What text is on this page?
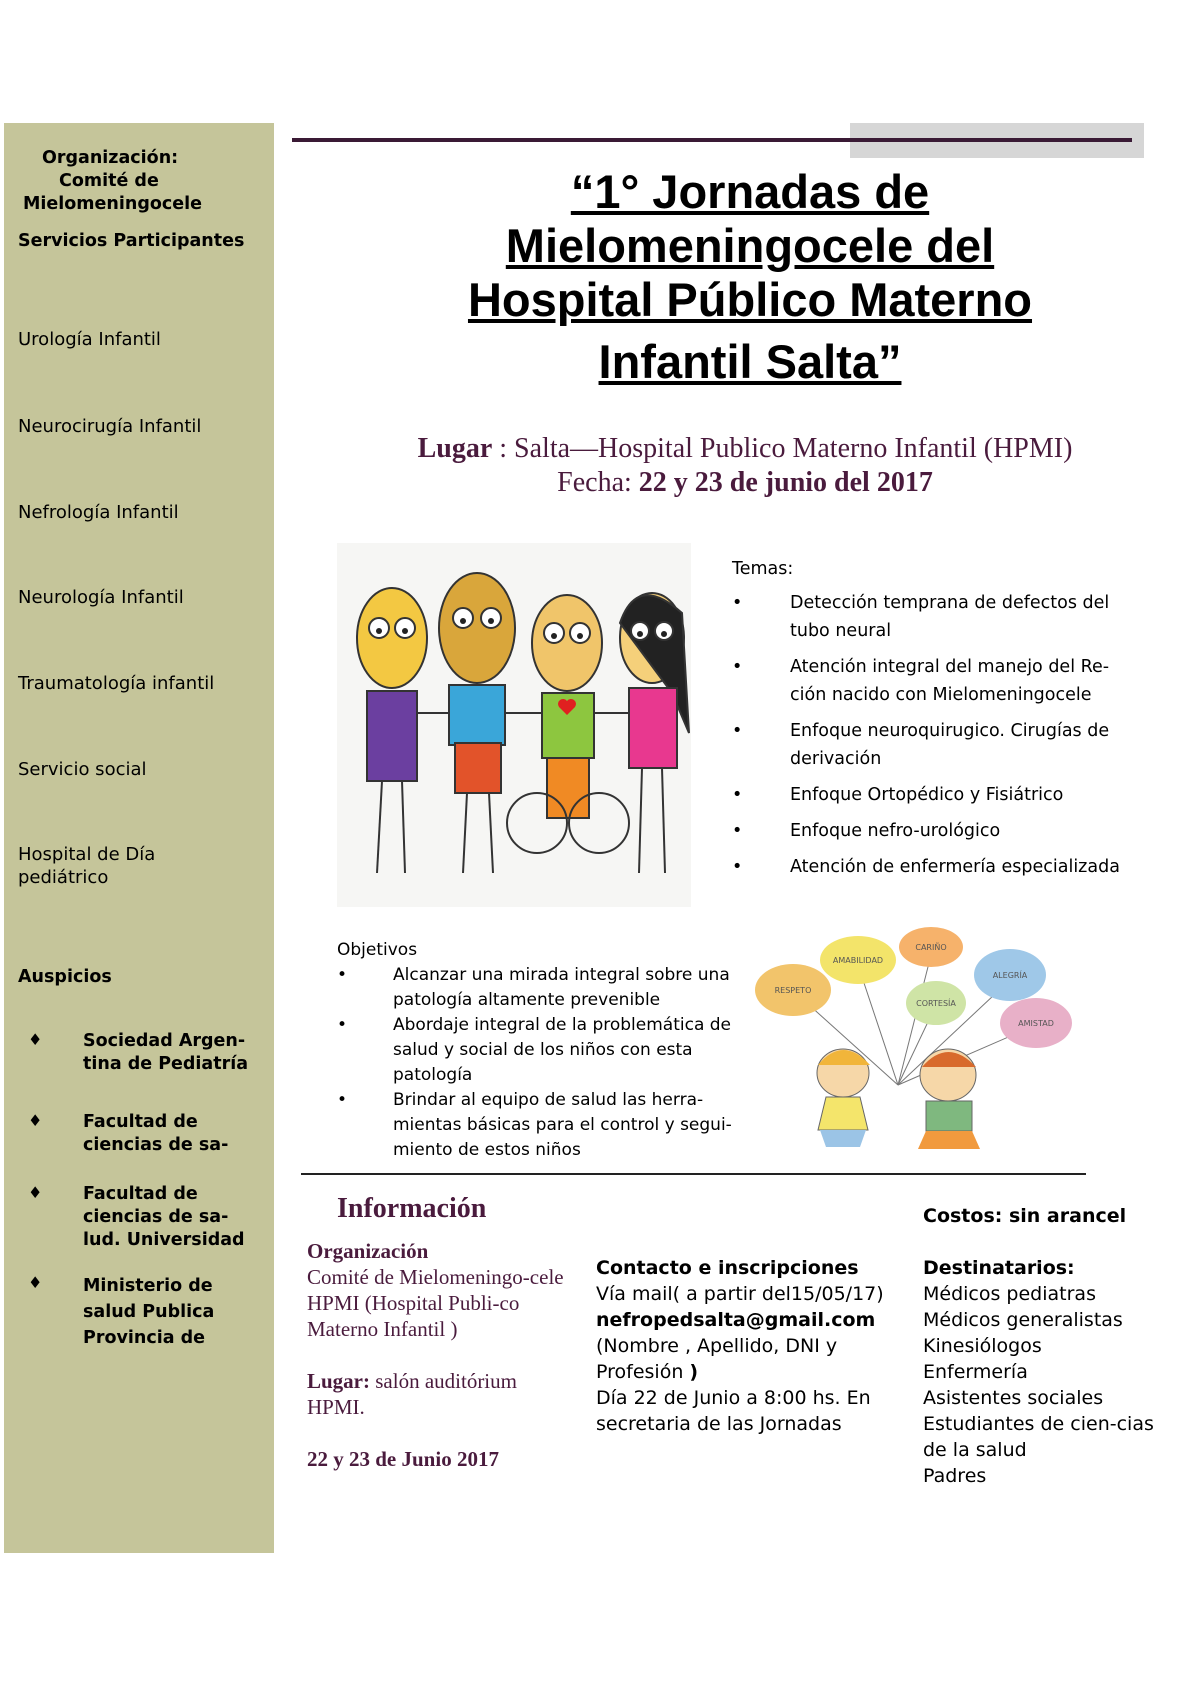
Organización:
Comité de
Mielomeningocele
Servicios Participantes
Urología Infantil
Neurocirugía Infantil
Nefrología Infantil
Neurología Infantil
Traumatología infantil
Servicio social
Hospital de Día
pediátrico
Auspicios
♦ Sociedad Argen-
tina de Pediatría
♦ Facultad de
ciencias de sa-
♦ Facultad de
ciencias de sa-
lud. Universidad
♦ Ministerio de
salud Publica
Provincia de
“1° Jornadas de
Mielomeningocele del
Hospital Público Materno
Infantil Salta”
Lugar : Salta—Hospital Publico Materno Infantil (HPMI)
Fecha: 22 y 23 de junio del 2017
Temas:
•	Detección temprana de defectos del tubo neural
•	Atención integral del manejo del Re-ción nacido con Mielomeningocele
•	Enfoque neuroquirugico. Cirugías de derivación
•	Enfoque Ortopédico y Fisiátrico
•	Enfoque nefro-urológico
•	Atención de enfermería especializada
Objetivos
•	Alcanzar una mirada integral sobre una patología altamente prevenible
•	Abordaje integral de la problemática de salud y social de los niños con esta patología
•	Brindar al equipo de salud las herra-mientas básicas para el control y segui-miento de estos niños
AMABILIDAD
CARIÑO
ALEGRÍA
RESPETO
CORTESÍA
AMISTAD
Información
Organización
Comité de Mielomeningo-cele HPMI (Hospital Publi-co Materno Infantil )
Lugar: salón auditórium HPMI.
22 y 23 de Junio 2017
Contacto e inscripciones
Vía mail( a partir del15/05/17)
nefropedsalta@gmail.com
(Nombre , Apellido, DNI y Profesión )
Día 22 de Junio a 8:00 hs. En secretaria de las Jornadas
Costos: sin arancel
Destinatarios:
Médicos pediatras
Médicos generalistas
Kinesiólogos
Enfermería
Asistentes sociales
Estudiantes de cien-cias de la salud
Padres
